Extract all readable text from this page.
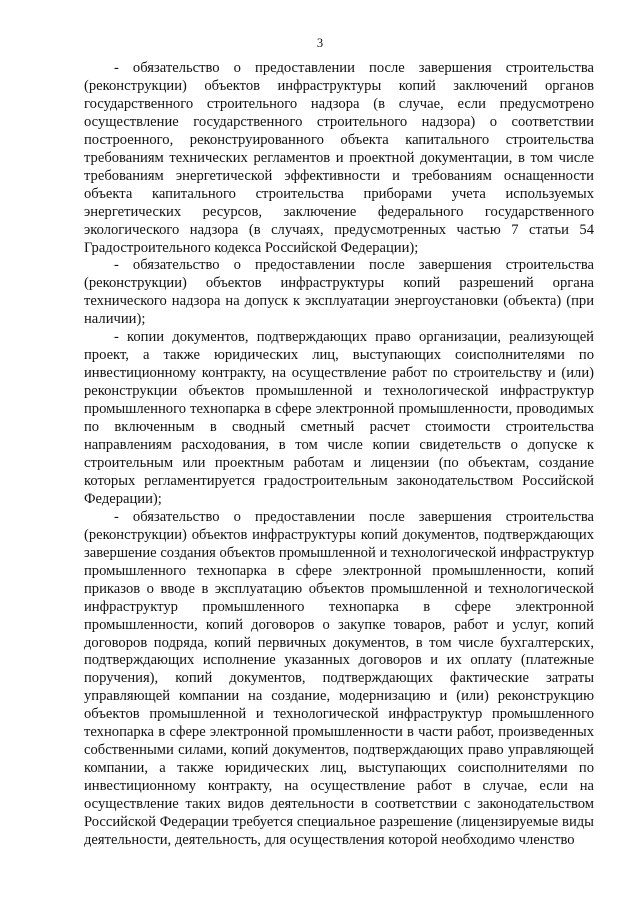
3

- обязательство о предоставлении после завершения строительства (реконструкции) объектов инфраструктуры копий заключений органов государственного строительного надзора (в случае, если предусмотрено осуществление государственного строительного надзора) о соответствии построенного, реконструированного объекта капитального строительства требованиям технических регламентов и проектной документации, в том числе требованиям энергетической эффективности и требованиям оснащенности объекта капитального строительства приборами учета используемых энергетических ресурсов, заключение федерального государственного экологического надзора (в случаях, предусмотренных частью 7 статьи 54 Градостроительного кодекса Российской Федерации);

- обязательство о предоставлении после завершения строительства (реконструкции) объектов инфраструктуры копий разрешений органа технического надзора на допуск к эксплуатации энергоустановки (объекта) (при наличии);

- копии документов, подтверждающих право организации, реализующей проект, а также юридических лиц, выступающих соисполнителями по инвестиционному контракту, на осуществление работ по строительству и (или) реконструкции объектов промышленной и технологической инфраструктур промышленного технопарка в сфере электронной промышленности, проводимых по включенным в сводный сметный расчет стоимости строительства направлениям расходования, в том числе копии свидетельств о допуске к строительным или проектным работам и лицензии (по объектам, создание которых регламентируется градостроительным законодательством Российской Федерации);

- обязательство о предоставлении после завершения строительства (реконструкции) объектов инфраструктуры копий документов, подтверждающих завершение создания объектов промышленной и технологической инфраструктур промышленного технопарка в сфере электронной промышленности, копий приказов о вводе в эксплуатацию объектов промышленной и технологической инфраструктур промышленного технопарка в сфере электронной промышленности, копий договоров о закупке товаров, работ и услуг, копий договоров подряда, копий первичных документов, в том числе бухгалтерских, подтверждающих исполнение указанных договоров и их оплату (платежные поручения), копий документов, подтверждающих фактические затраты управляющей компании на создание, модернизацию и (или) реконструкцию объектов промышленной и технологической инфраструктур промышленного технопарка в сфере электронной промышленности в части работ, произведенных собственными силами, копий документов, подтверждающих право управляющей компании, а также юридических лиц, выступающих соисполнителями по инвестиционному контракту, на осуществление работ в случае, если на осуществление таких видов деятельности в соответствии с законодательством Российской Федерации требуется специальное разрешение (лицензируемые виды деятельности, деятельность, для осуществления которой необходимо членство
